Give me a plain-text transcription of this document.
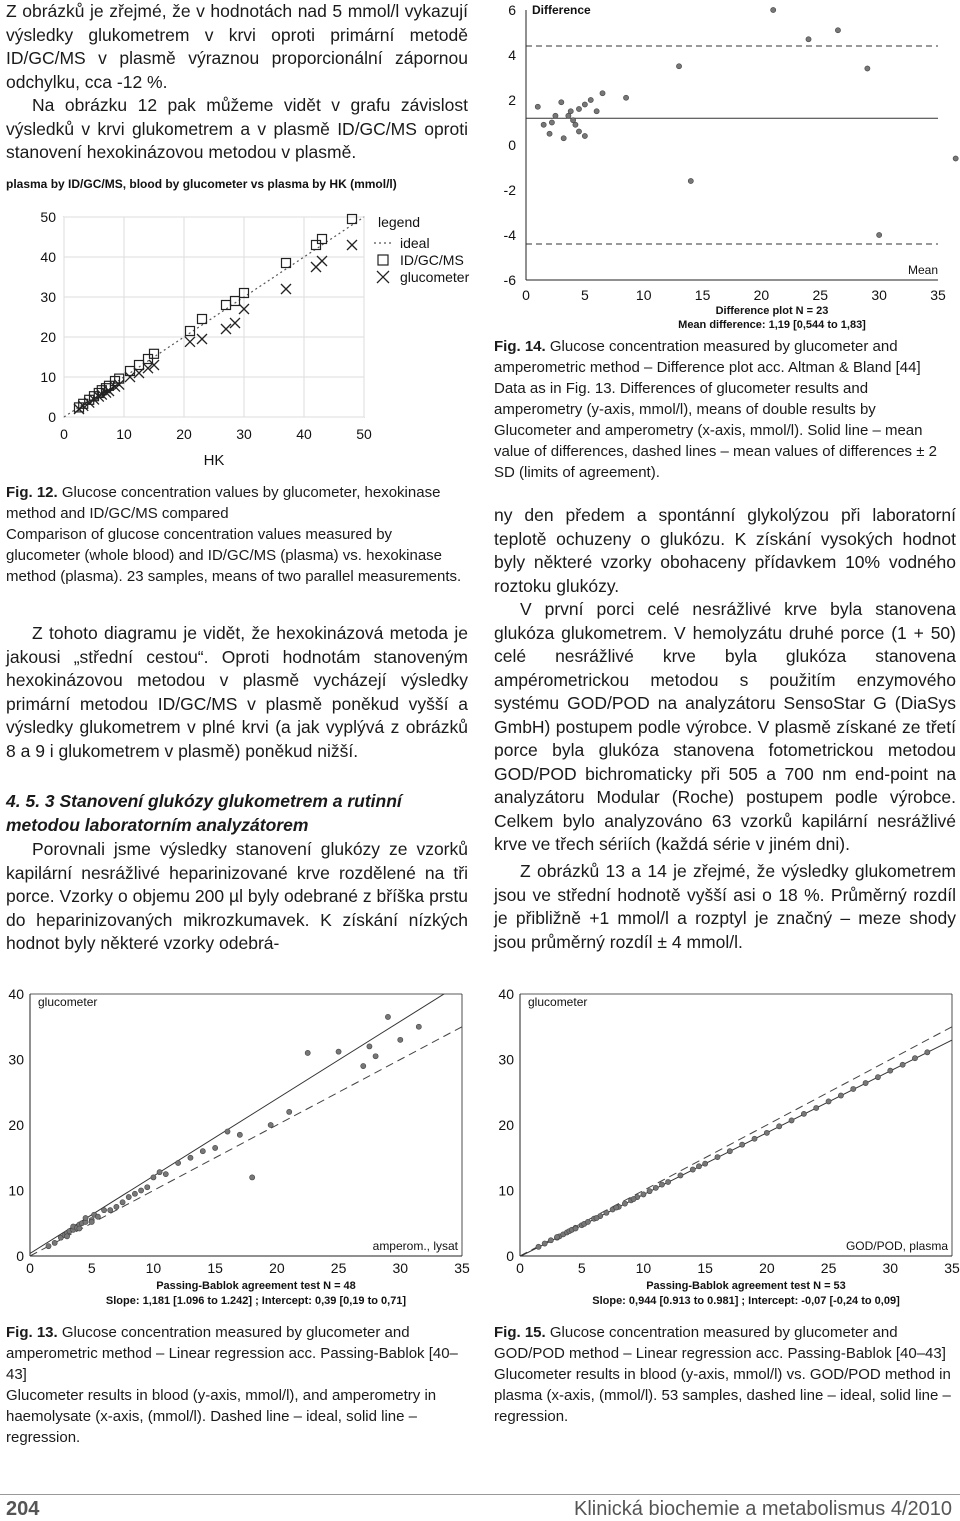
Z obrázků je zřejmé, že v hodnotách nad 5 mmol/l vykazují výsledky glukometrem v krvi oproti primární metodě ID/GC/MS v plasmě výraznou proporcionální zápornou odchylku, cca -12 %.

Na obrázku 12 pak můžeme vidět v grafu závislost výsledků v krvi glukometrem a v plasmě ID/GC/MS oproti stanovení hexokinázovou metodou v plasmě.

plasma by ID/GC/MS, blood by glucometer vs plasma by HK (mmol/l)
0	10	20	30	40	50
0
10
20
30
40
50
HK
legend
ideal
ID/GC/MS
glucometer

Fig. 12. Glucose concentration values by glucometer, hexokinase method and ID/GC/MS compared
Comparison of glucose concentration values measured by glucometer (whole blood) and ID/GC/MS (plasma) vs. hexokinase method (plasma). 23 samples, means of two parallel measurements.

Z tohoto diagramu je vidět, že hexokinázová metoda je jakousi „střední cestou“. Oproti hodnotám stanoveným hexokinázovou metodou v plasmě vycházejí výsledky primární metodou ID/GC/MS v plasmě poněkud vyšší a výsledky glukometrem v plné krvi (a jak vyplývá z obrázků 8 a 9 i glukometrem v plasmě) poněkud nižší.

4. 5. 3 Stanovení glukózy glukometrem a rutinní metodou laboratorním analyzátorem

Porovnali jsme výsledky stanovení glukózy ze vzorků kapilární nesrážlivé heparinizované krve rozdělené na tři porce. Vzorky o objemu 200 µl byly odebrané z bříška prstu do heparinizovaných mikrozkumavek. K získání nízkých hodnot byly některé vzorky odebrá-

Difference
6
4
2
0
-2
-4
-6
0	5	10	15	20	25	30	35
Mean
Difference plot N = 23
Mean difference: 1,19 [0,544 to 1,83]

Fig. 14. Glucose concentration measured by glucometer and amperometric method – Difference plot acc. Altman & Bland [44]
Data as in Fig. 13. Differences of glucometer results and amperometry (y-axis, mmol/l), means of double results by Glucometer and amperometry (x-axis, mmol/l). Solid line – mean value of differences, dashed lines – mean values of differences ± 2 SD (limits of agreement).

ny den předem a spontánní glykolýzou při laboratorní teplotě ochuzeny o glukózu. K získání vysokých hodnot byly některé vzorky obohaceny přídavkem 10% vodného roztoku glukózy.

V první porci celé nesrážlivé krve byla stanovena glukóza glukometrem. V hemolyzátu druhé porce (1 + 50) celé nesrážlivé krve byla glukóza stanovena ampérometrickou metodou s použitím enzymového systému GOD/POD na analyzátoru SensoStar G (DiaSys GmbH) postupem podle výrobce. V plasmě získané ze třetí porce byla glukóza stanovena fotometrickou metodou GOD/POD bichromaticky při 505 a 700 nm end-point na analyzátoru Modular (Roche) postupem podle výrobce. Celkem bylo analyzováno 63 vzorků kapilární nesrážlivé krve ve třech sériích (každá série v jiném dni).

Z obrázků 13 a 14 je zřejmé, že výsledky glukometrem jsou ve střední hodnotě vyšší asi o 18 %. Průměrný rozdíl je přibližně +1 mmol/l a rozptyl je značný – meze shody jsou průměrný rozdíl ± 4 mmol/l.

glucometer
0
10
20
30
40
0	5	10	15	20	25	30	35
amperom., lysat
Passing-Bablok agreement test N = 48
Slope: 1,181 [1.096 to 1.242] ; Intercept: 0,39 [0,19 to 0,71]
glucometer
0
10
20
30
40
0	5	10	15	20	25	30	35
GOD/POD, plasma
Passing-Bablok agreement test N = 53
Slope: 0,944 [0.913 to 0.981] ; Intercept: -0,07 [-0,24 to 0,09]

Fig. 13. Glucose concentration measured by glucometer and amperometric method – Linear regression acc. Passing-Bablok [40–43]
Glucometer results in blood (y-axis, mmol/l), and amperometry in haemolysate (x-axis, (mmol/l). Dashed line – ideal, solid line – regression.

Fig. 15. Glucose concentration measured by glucometer and GOD/POD method – Linear regression acc. Passing-Bablok [40–43]
Glucometer results in blood (y-axis, mmol/l) vs. GOD/POD method in plasma (x-axis, (mmol/l). 53 samples, dashed line – ideal, solid line – regression.

204	Klinická biochemie a metabolismus 4/2010
